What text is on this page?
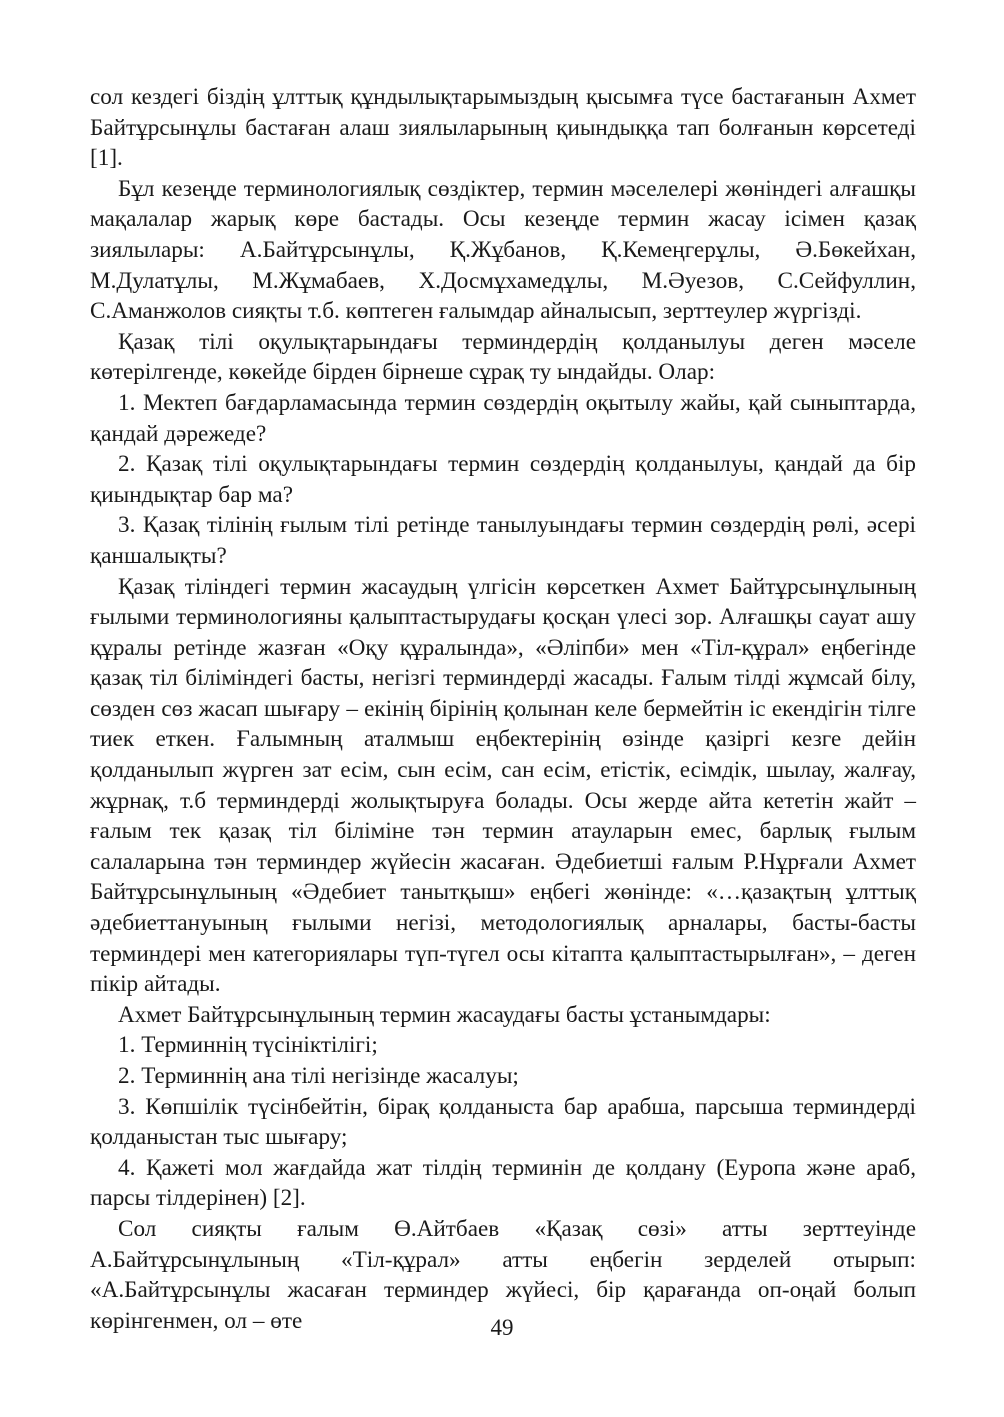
сол кездегі біздің ұлттық құндылықтарымыздың қысымға түсе бастағанын Ахмет Байтұрсынұлы бастаған алаш зиялыларының қиындыққа тап болғанын көрсетеді [1].

Бұл кезеңде терминологиялық сөздіктер, термин мәселелері жөніндегі алғашқы мақалалар жарық көре бастады. Осы кезеңде термин жасау ісімен қазақ зиялылары: А.Байтұрсынұлы, Қ.Жұбанов, Қ.Кемеңгерұлы, Ә.Бөкейхан, М.Дулатұлы, М.Жұмабаев, Х.Досмұхамедұлы, М.Әуезов, С.Сейфуллин, С.Аманжолов сияқты т.б. көптеген ғалымдар айналысып, зерттеулер жүргізді.

Қазақ тілі оқулықтарындағы терминдердің қолданылуы деген мәселе көтерілгенде, көкейде бірден бірнеше сұрақ ту ындайды. Олар:

1. Мектеп бағдарламасында термин сөздердің оқытылу жайы, қай сыныптарда, қандай дәрежеде?

2. Қазақ тілі оқулықтарындағы термин сөздердің қолданылуы, қандай да бір қиындықтар бар ма?

3. Қазақ тілінің ғылым тілі ретінде танылуындағы термин сөздердің рөлі, әсері қаншалықты?

Қазақ тіліндегі термин жасаудың үлгісін көрсеткен Ахмет Байтұрсынұлының ғылыми терминологияны қалыптастырудағы қосқан үлесі зор. Алғашқы сауат ашу құралы ретінде жазған «Оқу құралында», «Әліпби» мен «Тіл-құрал» еңбегінде қазақ тіл біліміндегі басты, негізгі терминдерді жасады. Ғалым тілді жұмсай білу, сөзден сөз жасап шығару – екінің бірінің қолынан келе бермейтін іс екендігін тілге тиек еткен. Ғалымның аталмыш еңбектерінің өзінде қазіргі кезге дейін қолданылып жүрген зат есім, сын есім, сан есім, етістік, есімдік, шылау, жалғау, жұрнақ, т.б терминдерді жолықтыруға болады. Осы жерде айта кететін жайт – ғалым тек қазақ тіл біліміне тән термин атауларын емес, барлық ғылым салаларына тән терминдер жүйесін жасаған. Әдебиетші ғалым Р.Нұрғали Ахмет Байтұрсынұлының «Әдебиет танытқыш» еңбегі жөнінде: «…қазақтың ұлттық әдебиеттануының ғылыми негізі, методологиялық арналары, басты-басты терминдері мен категориялары түп-түгел осы кітапта қалыптастырылған», – деген пікір айтады.

Ахмет Байтұрсынұлының термин жасаудағы басты ұстанымдары:

1. Терминнің түсініктілігі;

2. Терминнің ана тілі негізінде жасалуы;

3. Көпшілік түсінбейтін, бірақ қолданыста бар арабша, парсыша терминдерді қолданыстан тыс шығару;

4. Қажеті мол жағдайда жат тілдің терминін де қолдану (Еуропа және араб, парсы тілдерінен) [2].

Сол сияқты ғалым Ө.Айтбаев «Қазақ сөзі» атты зерттеуінде А.Байтұрсынұлының «Тіл-құрал» атты еңбегін зерделей отырып: «А.Байтұрсынұлы жасаған терминдер жүйесі, бір қарағанда оп-оңай болып көрінгенмен, ол – өте	49
